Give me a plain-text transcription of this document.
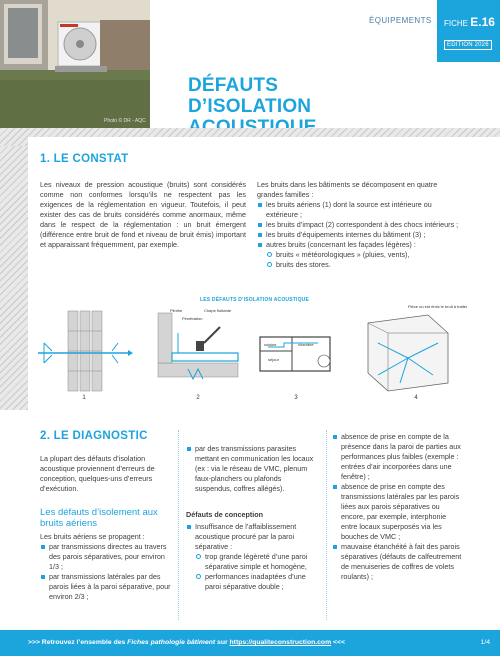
Photo © DR - AQC
ÉQUIPEMENTS FICHE E.16
ÉDITION 2026
DÉFAUTS D’ISOLATION
1. LE CONSTAT
Les niveaux de pression acoustique (bruits) sont considérés comme non conformes lorsqu’ils ne respectent pas les exigences de la réglementation en vigueur. Toutefois, il peut exister des cas de bruits considérés comme anormaux, même dans le respect de la réglementation : un bruit émergent (différence entre bruit de fond et niveau de bruit émis) important et apparaissant fréquemment, par exemple.

Les bruits dans les bâtiments se décomposent en quatre grandes familles :

les bruits aériens (1) dont la source est intérieure ou extérieure ;
les bruits d’impact (2) correspondent à des chocs intérieurs ;
les bruits d’équipements internes du bâtiment (3) ;
autres bruits (concernant les façades légères) :
bruits « météorologiques » (pluies, vents),
bruits des stores.
LES DÉFAUTS D’ISOLATION ACOUSTIQUE
1
Plinthe	Chape flottante
Pénétration
2
cuisine	chambre
séjour
3
Pièce où est émis le bruit à traiter
4
2. LE DIAGNOSTIC
La plupart des défauts d’isolation acoustique proviennent d’erreurs de conception, quelques-uns d’erreurs d’exécution.
Les défauts d’isolement aux bruits aériens

Les bruits aériens se propagent :

par transmissions directes au travers des parois séparatives, pour environ 1/3 ;
par transmissions latérales par des parois liées à la paroi séparative, pour environ 2/3 ;
par des transmissions parasites mettant en communication les locaux (ex : via le réseau de VMC, plenum faux-planchers ou plafonds suspendus, coffres allégés).
Défauts de conception
Insuffisance de l’affaiblissement acoustique procuré par la paroi séparative :
trop grande légèreté d’une paroi séparative simple et homogène,
performances inadaptées d’une paroi séparative double ;
absence de prise en compte de la présence dans la paroi de parties aux performances plus faibles (exemple : entrées d’air incorporées dans une fenêtre) ;
absence de prise en compte des transmissions latérales par les parois liées aux parois séparatives ou encore, par exemple, interphonie entre locaux superposés via les bouches de VMC ;
mauvaise étanchéité à fait des parois séparatives (défauts de calfeutrement de menuiseries de coffres de volets roulants) ;
>>> Retrouvez l’ensemble des Fiches pathologie bâtiment sur https://qualiteconstruction.com <<<	1/4
